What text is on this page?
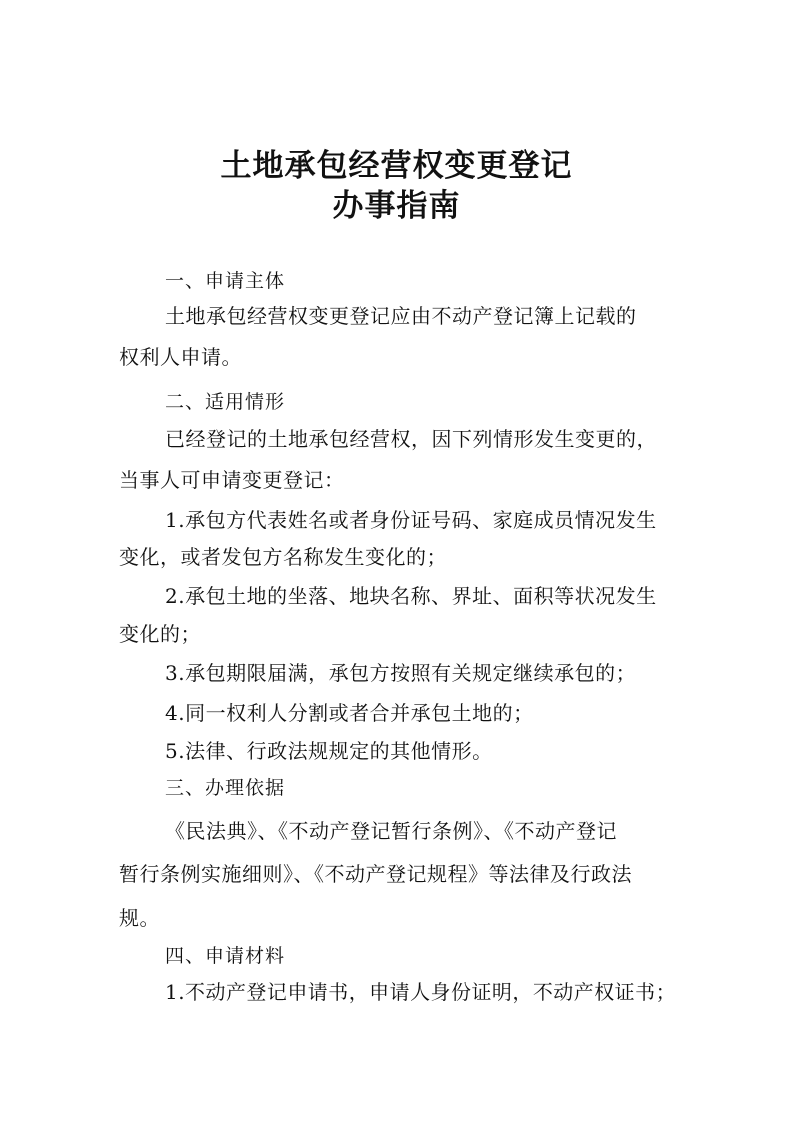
土地承包经营权变更登记
办事指南
一、申请主体
土地承包经营权变更登记应由不动产登记簿上记载的
权利人申请。
二、适用情形
已经登记的土地承包经营权，因下列情形发生变更的，
当事人可申请变更登记：
1.承包方代表姓名或者身份证号码、家庭成员情况发生
变化，或者发包方名称发生变化的；
2.承包土地的坐落、地块名称、界址、面积等状况发生
变化的；
3.承包期限届满，承包方按照有关规定继续承包的；
4.同一权利人分割或者合并承包土地的；
5.法律、行政法规规定的其他情形。
三、办理依据
《民法典》、《不动产登记暂行条例》、《不动产登记
暂行条例实施细则》、《不动产登记规程》等法律及行政法
规。
四、申请材料
1.不动产登记申请书，申请人身份证明，不动产权证书；
